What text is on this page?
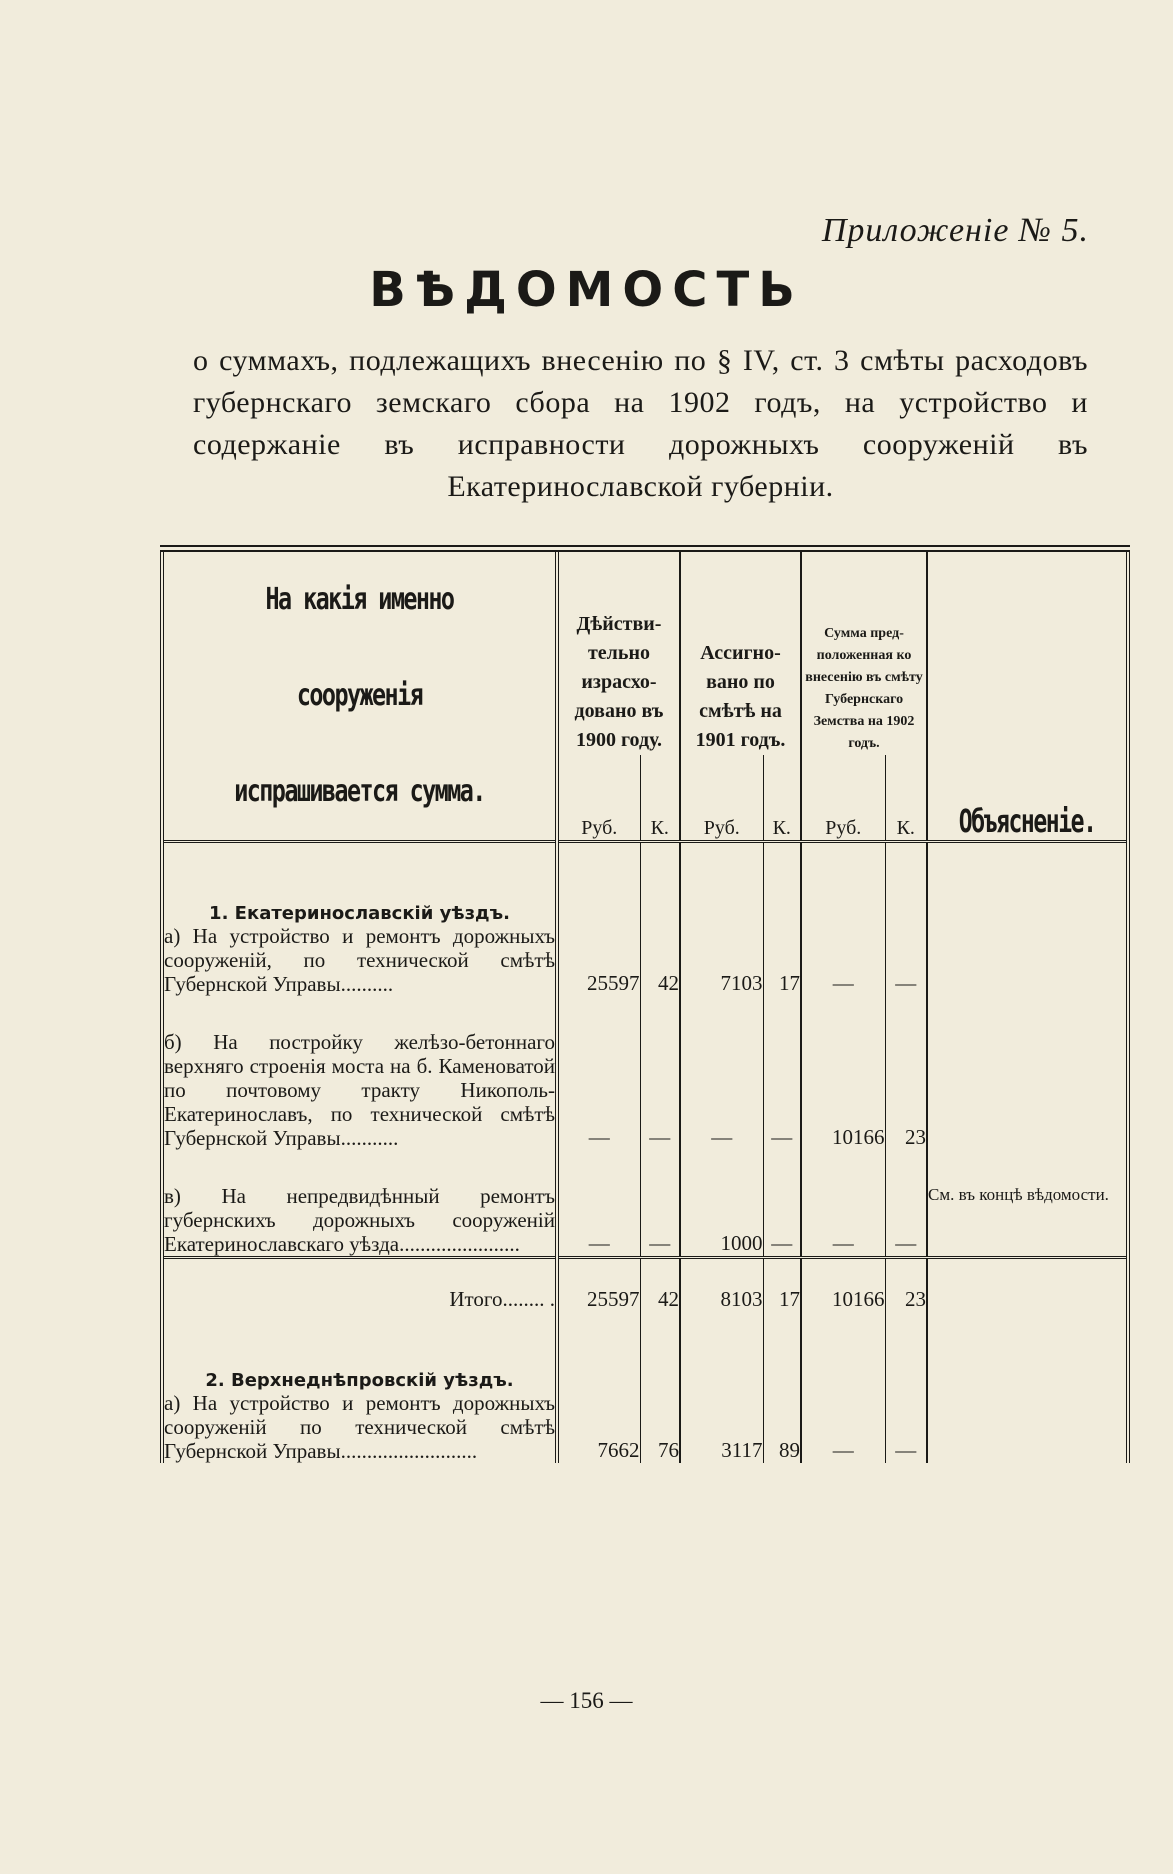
Приложеніе № 5.
ВѢДОМОСТЬ
о суммахъ, подлежащихъ внесенію по § IV, ст. 3 смѣты расходовъ губернскаго земскаго сбора на 1902 годъ, на устройство и содержаніе въ исправности дорожныхъ сооруженій въ Екатеринославской губерніи.
На какія именно сооруженія
испрашивается сумма.	Дѣйстви- тельно израсхо- довано въ 1900 году.		Ассигно- вано по смѣтѣ на 1901 годъ.		Сумма пред- положенная ко внесенію въ смѣту Губернскаго Земства на 1902 годъ.		Объясненіе.
	Руб.	К.	Руб.	К.	Руб.	К.	
1. Екатеринославскій уѣздъ.							
а) На устройство и ремонтъ дорожныхъ сооруженій, по технической смѣтѣ Губернской Управы..........	25597	42	7103	17	—	—	

б) На постройку желѣзо-бетоннаго верхняго строенія моста на б. Каменоватой по почтовому тракту Никополь-Екатеринославъ, по технической смѣтѣ Губернской Управы...........	—	—	—	—	10166	23	

в) На непредвидѣнный ремонтъ губернскихъ дорожныхъ сооруженій Екатеринославскаго уѣзда.......................	—	—	1000	—	—	—	См. въ концѣ вѣдомости.
Итого........ .	25597	42	8103	17	10166	23	
2. Верхнеднѣпровскій уѣздъ.							
а) На устройство и ремонтъ дорожныхъ сооруженій по технической смѣтѣ Губернской Управы..........................	7662	76	3117	89	—	—	
— 156 —
